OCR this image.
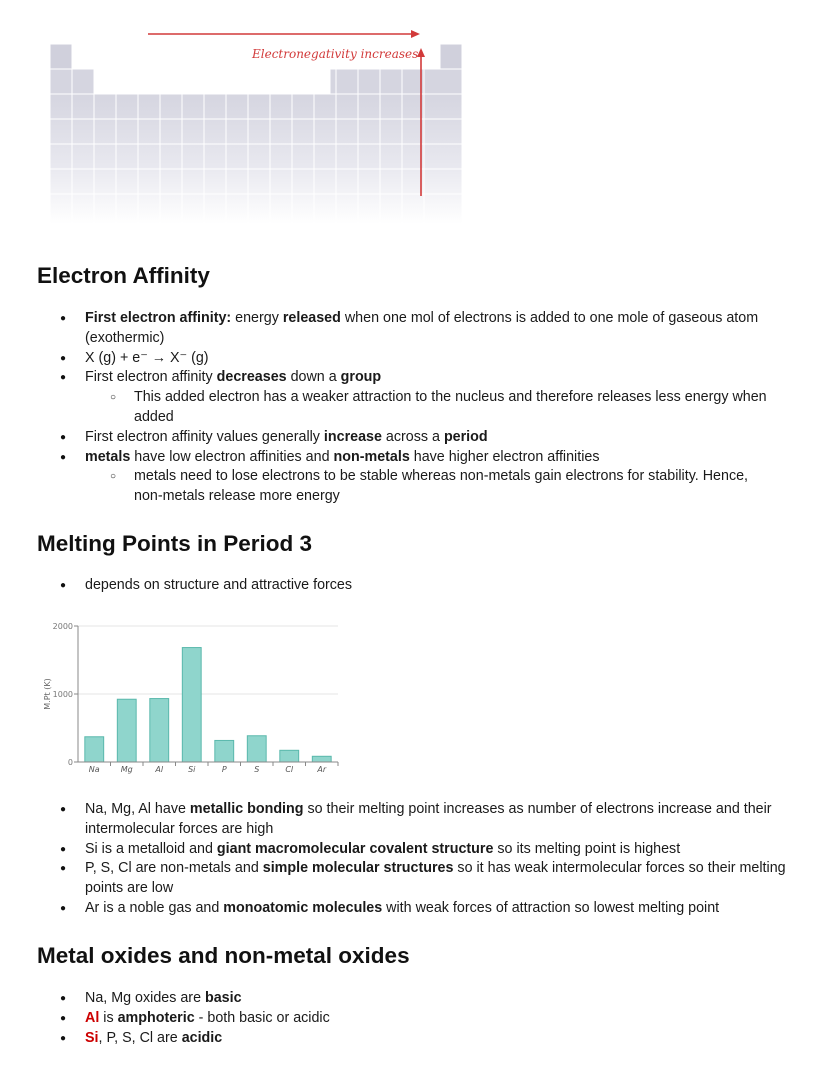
Electronegativity increases
Electron Affinity
● First electron affinity: energy released when one mol of electrons is added to one mole of gaseous atom (exothermic)
● X (g) + e⁻ → X⁻ (g)
● First electron affinity decreases down a group
○ This added electron has a weaker attraction to the nucleus and therefore releases less energy when added
● First electron affinity values generally increase across a period
● metals have low electron affinities and non-metals have higher electron affinities
○ metals need to lose electrons to be stable whereas non-metals gain electrons for stability. Hence, non-metals release more energy
Melting Points in Period 3
● depends on structure and attractive forces
M.Pt (K)
0
1000
2000
Na	Mg	Al	Si	P	S	Cl	Ar
● Na, Mg, Al have metallic bonding so their melting point increases as number of electrons increase and their intermolecular forces are high
● Si is a metalloid and giant macromolecular covalent structure so its melting point is highest
● P, S, Cl are non-metals and simple molecular structures so it has weak intermolecular forces so their melting points are low
● Ar is a noble gas and monoatomic molecules with weak forces of attraction so lowest melting point
Metal oxides and non-metal oxides
● Na, Mg oxides are basic
● Al is amphoteric - both basic or acidic
● Si, P, S, Cl are acidic
